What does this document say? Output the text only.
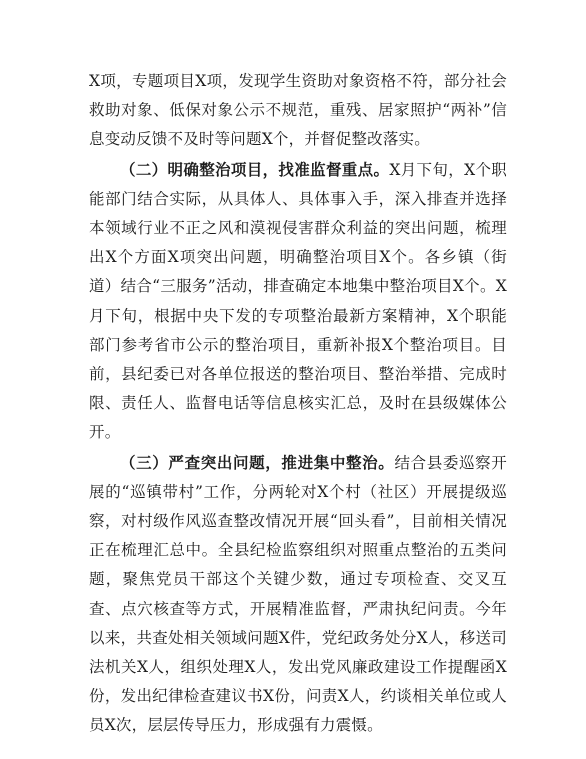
X项，专题项目X项，发现学生资助对象资格不符，部分社会救助对象、低保对象公示不规范，重残、居家照护“两补”信息变动反馈不及时等问题X个，并督促整改落实。

（二）明确整治项目，找准监督重点。X月下旬，X个职能部门结合实际，从具体人、具体事入手，深入排查并选择本领域行业不正之风和漠视侵害群众利益的突出问题，梳理出X个方面X项突出问题，明确整治项目X个。各乡镇（街道）结合“三服务”活动，排查确定本地集中整治项目X个。X月下旬，根据中央下发的专项整治最新方案精神，X个职能部门参考省市公示的整治项目，重新补报X个整治项目。目前，县纪委已对各单位报送的整治项目、整治举措、完成时限、责任人、监督电话等信息核实汇总，及时在县级媒体公开。

（三）严查突出问题，推进集中整治。结合县委巡察开展的“巡镇带村”工作，分两轮对X个村（社区）开展提级巡察，对村级作风巡查整改情况开展“回头看”，目前相关情况正在梳理汇总中。全县纪检监察组织对照重点整治的五类问题，聚焦党员干部这个关键少数，通过专项检查、交叉互查、点穴核查等方式，开展精准监督，严肃执纪问责。今年以来，共查处相关领域问题X件，党纪政务处分X人，移送司法机关X人，组织处理X人，发出党风廉政建设工作提醒函X份，发出纪律检查建议书X份，问责X人，约谈相关单位或人员X次，层层传导压力，形成强有力震慑。
